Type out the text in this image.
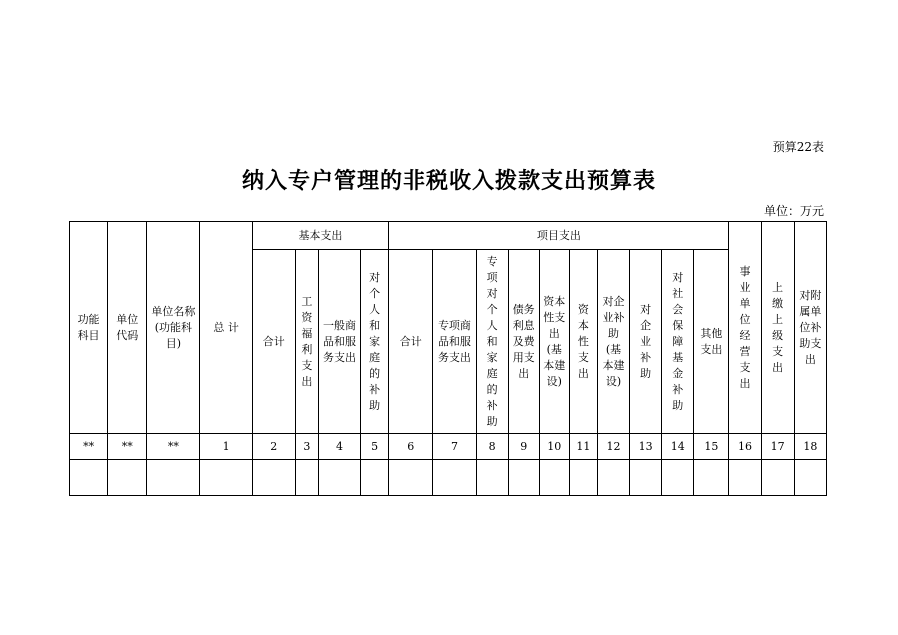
预算22表
纳入专户管理的非税收入拨款支出预算表
单位：万元
功能科目	单位代码	单位名称(功能科目)	总 计	基本支出				项目支出										事业单位经营支出	上缴上级支出	对附属单位补助支出
				合计	工资福利支出	一般商品和服务支出	对个人和家庭的补助	合计	专项商品和服务支出	专项对个人和家庭的补助	债务利息及费用支出	资本性支出(基本建设)	资本性支出	对企业补助(基本建设)	对企业补助	对社会保障基金补助	其他支出			
**	**	**	1	2	3	4	5	6	7	8	9	10	11	12	13	14	15	16	17	18
